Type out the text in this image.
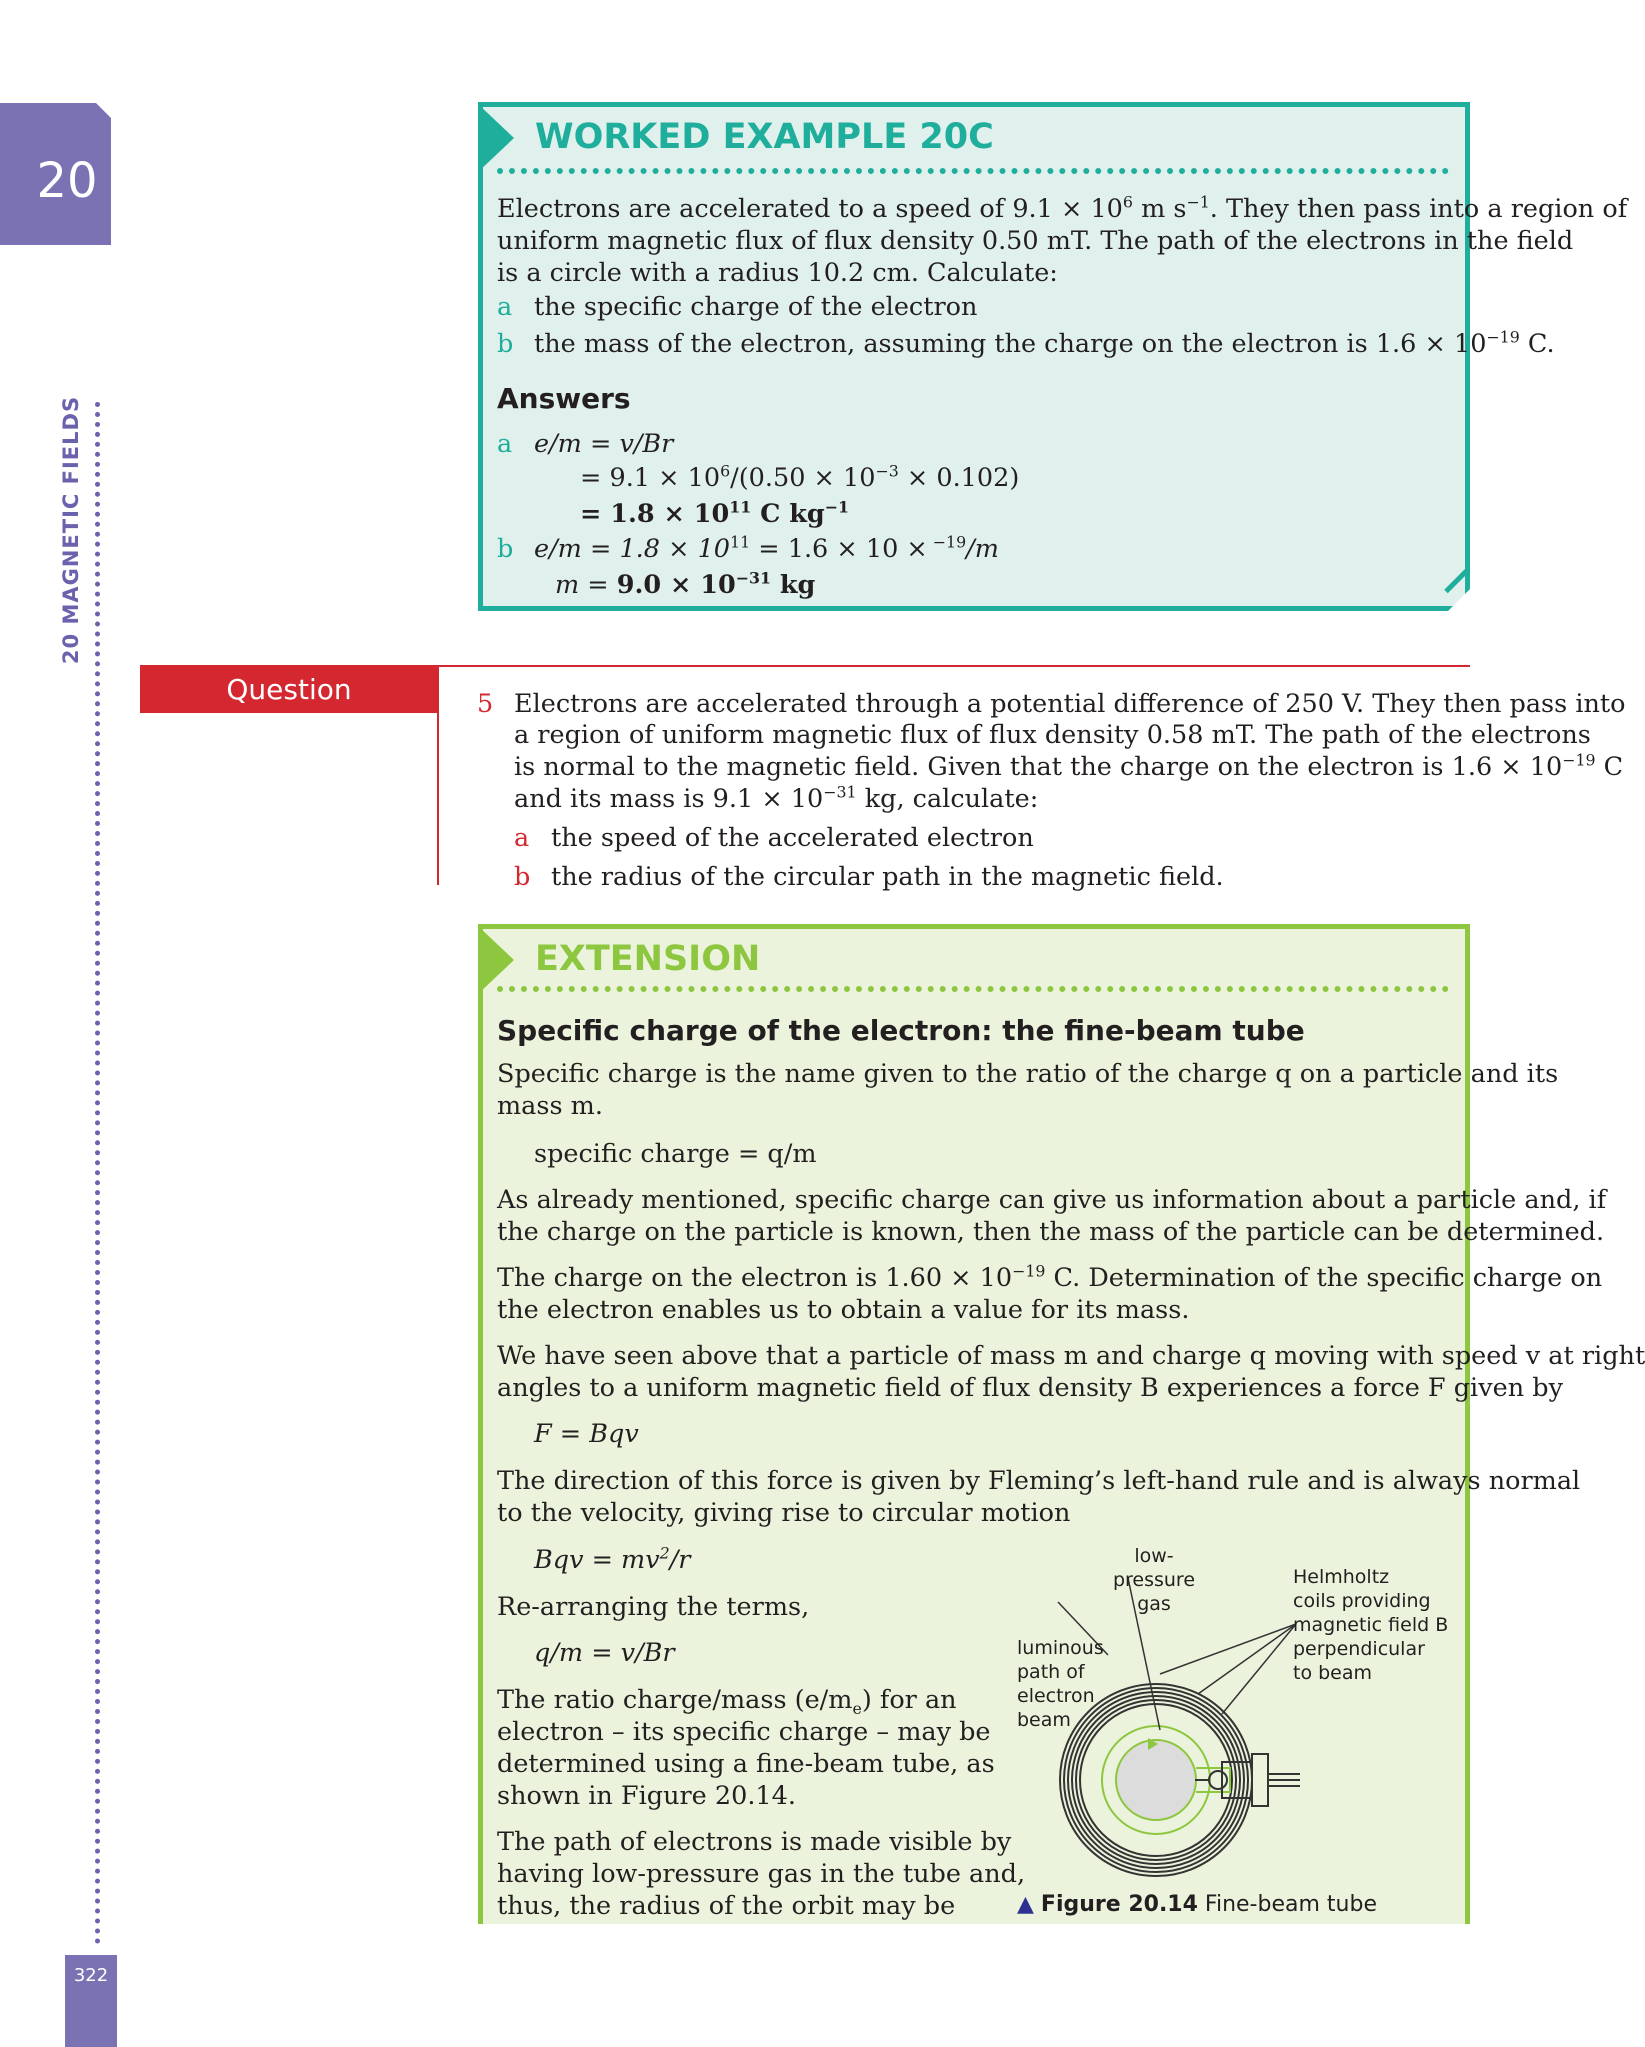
20
20 MAGNETIC FIELDS
322
WORKED EXAMPLE 20C
Electrons are accelerated to a speed of $9.1 \times 10^6$ m $s^{-1}$. They then pass into a region of
uniform magnetic flux of flux density 0.50 mT. The path of the electrons in the field
is a circle with a radius 10.2 cm. Calculate:
a the specific charge of the electron
b the mass of the electron, assuming the charge on the electron is $1.6 \times 10^{-19}$ C.
Answers
a e/m = v/Br
= $9.1 \times 10^6/(0.50 \times 10^{-3} \times 0.102)$
= $1.8 \times 10^{11}$ C $kg^{-1}$
b $e/m = 1.8 \times 10^{11} = 1.6 \times 10 \times ^{-19}/m$
$m = 9.0 \times 10^{-31}$ kg
Question	5 Electrons are accelerated through a potential difference of 250 V. They then pass into
a region of uniform magnetic flux of flux density 0.58 mT. The path of the electrons
is normal to the magnetic field. Given that the charge on the electron is $1.6 \times 10^{-19}$ C
and its mass is $9.1 \times 10^{-31}$ kg, calculate:
a the speed of the accelerated electron
b the radius of the circular path in the magnetic field.
EXTENSION
Specific charge of the electron: the fine-beam tube
Specific charge is the name given to the ratio of the charge q on a particle and its
mass m.
specific charge = q/m
As already mentioned, specific charge can give us information about a particle and, if
the charge on the particle is known, then the mass of the particle can be determined.
The charge on the electron is $1.60 \times 10^{-19}$ C. Determination of the specific charge on
the electron enables us to obtain a value for its mass.
We have seen above that a particle of mass m and charge q moving with speed v at right
angles to a uniform magnetic field of flux density B experiences a force F given by
F = Bqv
The direction of this force is given by Fleming’s left-hand rule and is always normal
to the velocity, giving rise to circular motion
Bqv = $mv^2/r$
Re-arranging the terms,
q/m = v/Br
The ratio charge/mass $(e/m_e)$ for an
electron – its specific charge – may be
determined using a fine-beam tube, as
shown in Figure 20.14.
The path of electrons is made visible by
having low-pressure gas in the tube and,
thus, the radius of the orbit may be
low-pressure
gas
Helmholtz
coils providing
magnetic field B
perpendicular
to beam
luminous
path of
electron
beam
▲ Figure 20.14 Fine-beam tube
